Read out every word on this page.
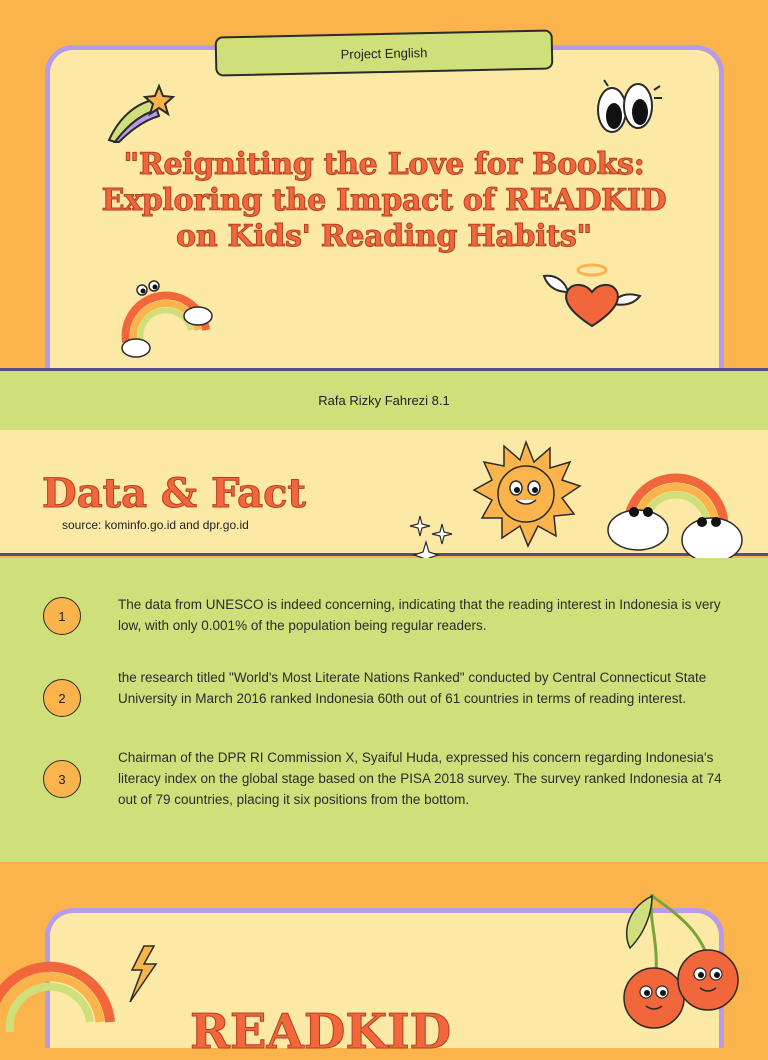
Project English
"Reigniting the Love for Books: Exploring the Impact of READKID on Kids' Reading Habits"
Rafa Rizky Fahrezi 8.1
Data & Fact
source: kominfo.go.id and dpr.go.id
1
The data from UNESCO is indeed concerning, indicating that the reading interest in Indonesia is very low, with only 0.001% of the population being regular readers.
2
the research titled "World's Most Literate Nations Ranked" conducted by Central Connecticut State University in March 2016 ranked Indonesia 60th out of 61 countries in terms of reading interest.
3
Chairman of the DPR RI Commission X, Syaiful Huda, expressed his concern regarding Indonesia's literacy index on the global stage based on the PISA 2018 survey. The survey ranked Indonesia at 74 out of 79 countries, placing it six positions from the bottom.
READKID
